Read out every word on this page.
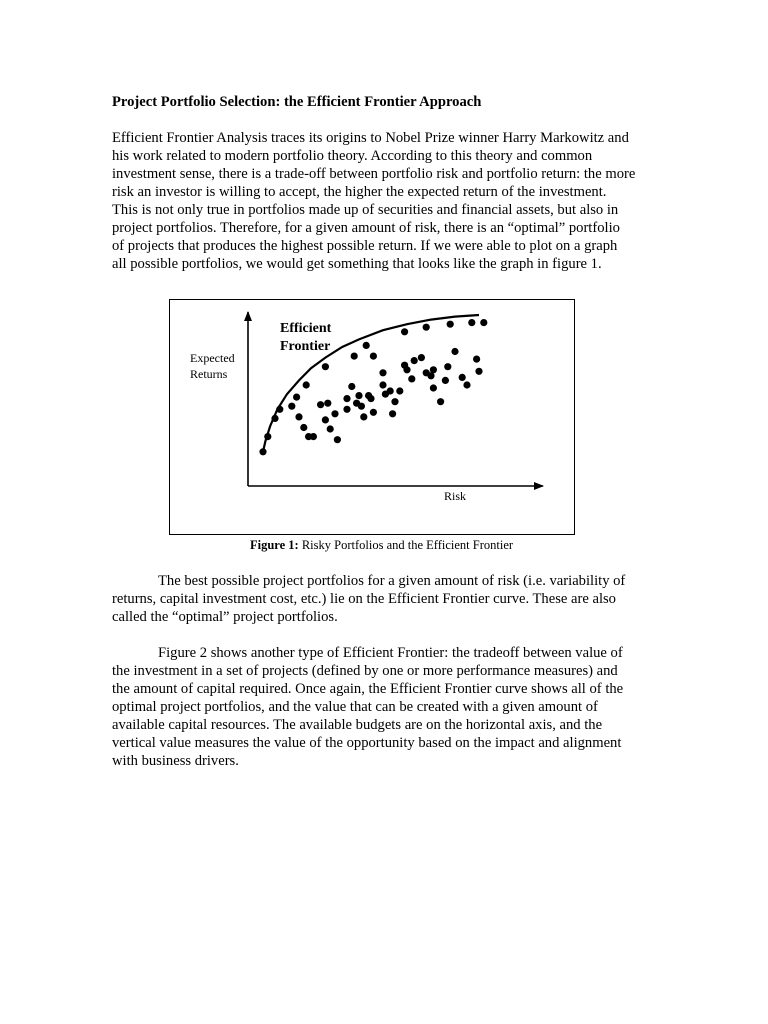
Project Portfolio Selection: the Efficient Frontier Approach

Efficient Frontier Analysis traces its origins to Nobel Prize winner Harry Markowitz and
his work related to modern portfolio theory. According to this theory and common
investment sense, there is a trade-off between portfolio risk and portfolio return: the more
risk an investor is willing to accept, the higher the expected return of the investment.
This is not only true in portfolios made up of securities and financial assets, but also in
project portfolios. Therefore, for a given amount of risk, there is an “optimal” portfolio
of projects that produces the highest possible return. If we were able to plot on a graph
all possible portfolios, we would get something that looks like the graph in figure 1.

Efficient
Frontier
Expected
Returns
Risk
Figure 1: Risky Portfolios and the Efficient Frontier

The best possible project portfolios for a given amount of risk (i.e. variability of
returns, capital investment cost, etc.) lie on the Efficient Frontier curve. These are also
called the “optimal” project portfolios.

Figure 2 shows another type of Efficient Frontier: the tradeoff between value of
the investment in a set of projects (defined by one or more performance measures) and
the amount of capital required. Once again, the Efficient Frontier curve shows all of the
optimal project portfolios, and the value that can be created with a given amount of
available capital resources. The available budgets are on the horizontal axis, and the
vertical value measures the value of the opportunity based on the impact and alignment
with business drivers.
